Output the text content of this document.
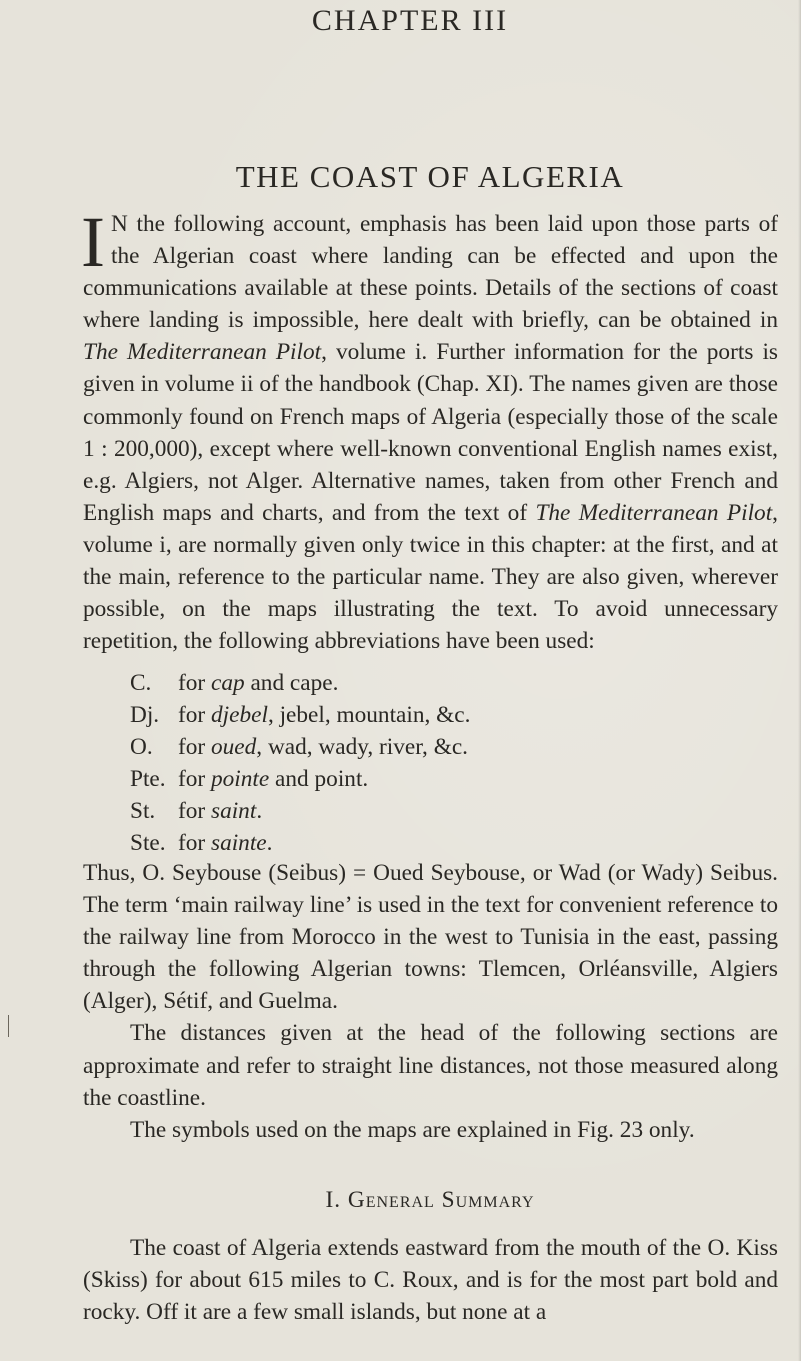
CHAPTER III
THE COAST OF ALGERIA
I N the following account, emphasis has been laid upon those parts of the Algerian coast where landing can be effected and upon the communications available at these points. Details of the sections of coast where landing is impossible, here dealt with briefly, can be obtained in The Mediterranean Pilot, volume i. Further information for the ports is given in volume ii of the handbook (Chap. XI). The names given are those commonly found on French maps of Algeria (especially those of the scale 1 : 200,000), except where well-known conventional English names exist, e.g. Algiers, not Alger. Alternative names, taken from other French and English maps and charts, and from the text of The Mediterranean Pilot, volume i, are normally given only twice in this chapter: at the first, and at the main, reference to the particular name. They are also given, wherever possible, on the maps illustrating the text. To avoid unnecessary repetition, the following abbreviations have been used:
C. for cap and cape.
Dj. for djebel, jebel, mountain, &c.
O. for oued, wad, wady, river, &c.
Pte. for pointe and point.
St. for saint.
Ste. for sainte.

Thus, O. Seybouse (Seibus) = Oued Seybouse, or Wad (or Wady) Seibus. The term ‘main railway line’ is used in the text for convenient reference to the railway line from Morocco in the west to Tunisia in the east, passing through the following Algerian towns: Tlemcen, Orléansville, Algiers (Alger), Sétif, and Guelma.

The distances given at the head of the following sections are approximate and refer to straight line distances, not those measured along the coastline.

The symbols used on the maps are explained in Fig. 23 only.

I. General Summary
The coast of Algeria extends eastward from the mouth of the O. Kiss (Skiss) for about 615 miles to C. Roux, and is for the most part bold and rocky. Off it are a few small islands, but none at a
